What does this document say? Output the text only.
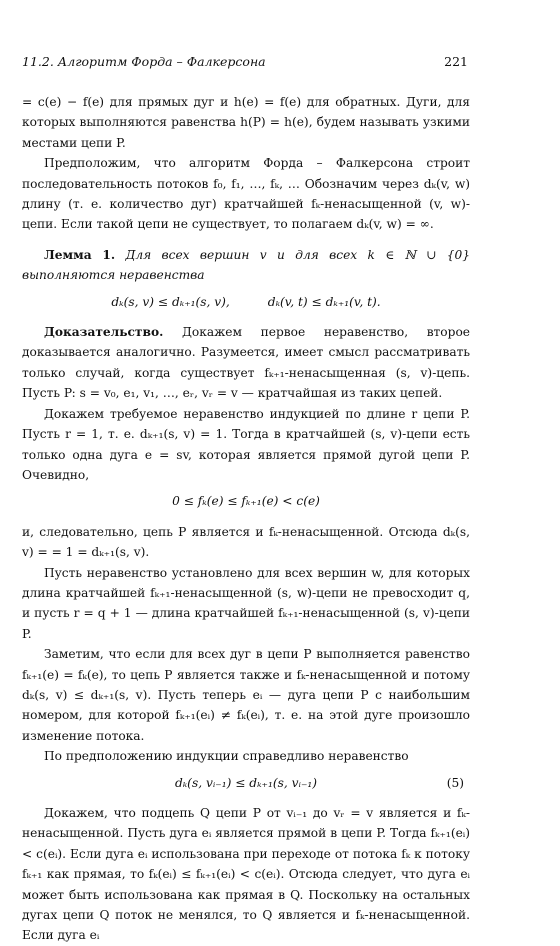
11.2. Алгоритм Форда – Фалкерсона	221

= c(e) − f(e) для прямых дуг и h(e) = f(e) для обратных. Дуги, для которых выполняются равенства h(P) = h(e), будем называть узкими местами цепи P.

Предположим, что алгоритм Форда – Фалкерсона строит последовательность потоков f₀, f₁, …, fₖ, … Обозначим через dₖ(v, w) длину (т. е. количество дуг) кратчайшей fₖ-ненасыщенной (v, w)-цепи. Если такой цепи не существует, то полагаем dₖ(v, w) = ∞.

Лемма 1. Для всех вершин v и для всех k ∈ ℕ ∪ {0} выполняются неравенства

dₖ(s, v) ≤ dₖ₊₁(s, v),	dₖ(v, t) ≤ dₖ₊₁(v, t).

Доказательство. Докажем первое неравенство, второе доказывается аналогично. Разумеется, имеет смысл рассматривать только случай, когда существует fₖ₊₁-ненасыщенная (s, v)-цепь. Пусть P: s = v₀, e₁, v₁, …, eᵣ, vᵣ = v — кратчайшая из таких цепей.

Докажем требуемое неравенство индукцией по длине r цепи P. Пусть r = 1, т. е. dₖ₊₁(s, v) = 1. Тогда в кратчайшей (s, v)-цепи есть только одна дуга e = sv, которая является прямой дугой цепи P. Очевидно,

0 ≤ fₖ(e) ≤ fₖ₊₁(e) < c(e)

и, следовательно, цепь P является и fₖ-ненасыщенной. Отсюда dₖ(s, v) = = 1 = dₖ₊₁(s, v).

Пусть неравенство установлено для всех вершин w, для которых длина кратчайшей fₖ₊₁-ненасыщенной (s, w)-цепи не превосходит q, и пусть r = q + 1 — длина кратчайшей fₖ₊₁-ненасыщенной (s, v)-цепи P.

Заметим, что если для всех дуг в цепи P выполняется равенство fₖ₊₁(e) = fₖ(e), то цепь P является также и fₖ-ненасыщенной и потому dₖ(s, v) ≤ dₖ₊₁(s, v). Пусть теперь eᵢ — дуга цепи P с наибольшим номером, для которой fₖ₊₁(eᵢ) ≠ fₖ(eᵢ), т. е. на этой дуге произошло изменение потока.

По предположению индукции справедливо неравенство

dₖ(s, vᵢ₋₁) ≤ dₖ₊₁(s, vᵢ₋₁)	(5)

Докажем, что подцепь Q цепи P от vᵢ₋₁ до vᵣ = v является и fₖ-ненасыщенной. Пусть дуга eᵢ является прямой в цепи P. Тогда fₖ₊₁(eᵢ) < c(eᵢ). Если дуга eᵢ использована при переходе от потока fₖ к потоку fₖ₊₁ как прямая, то fₖ(eᵢ) ≤ fₖ₊₁(eᵢ) < c(eᵢ). Отсюда следует, что дуга eᵢ может быть использована как прямая в Q. Поскольку на остальных дугах цепи Q поток не менялся, то Q является и fₖ-ненасыщенной. Если дуга eᵢ
